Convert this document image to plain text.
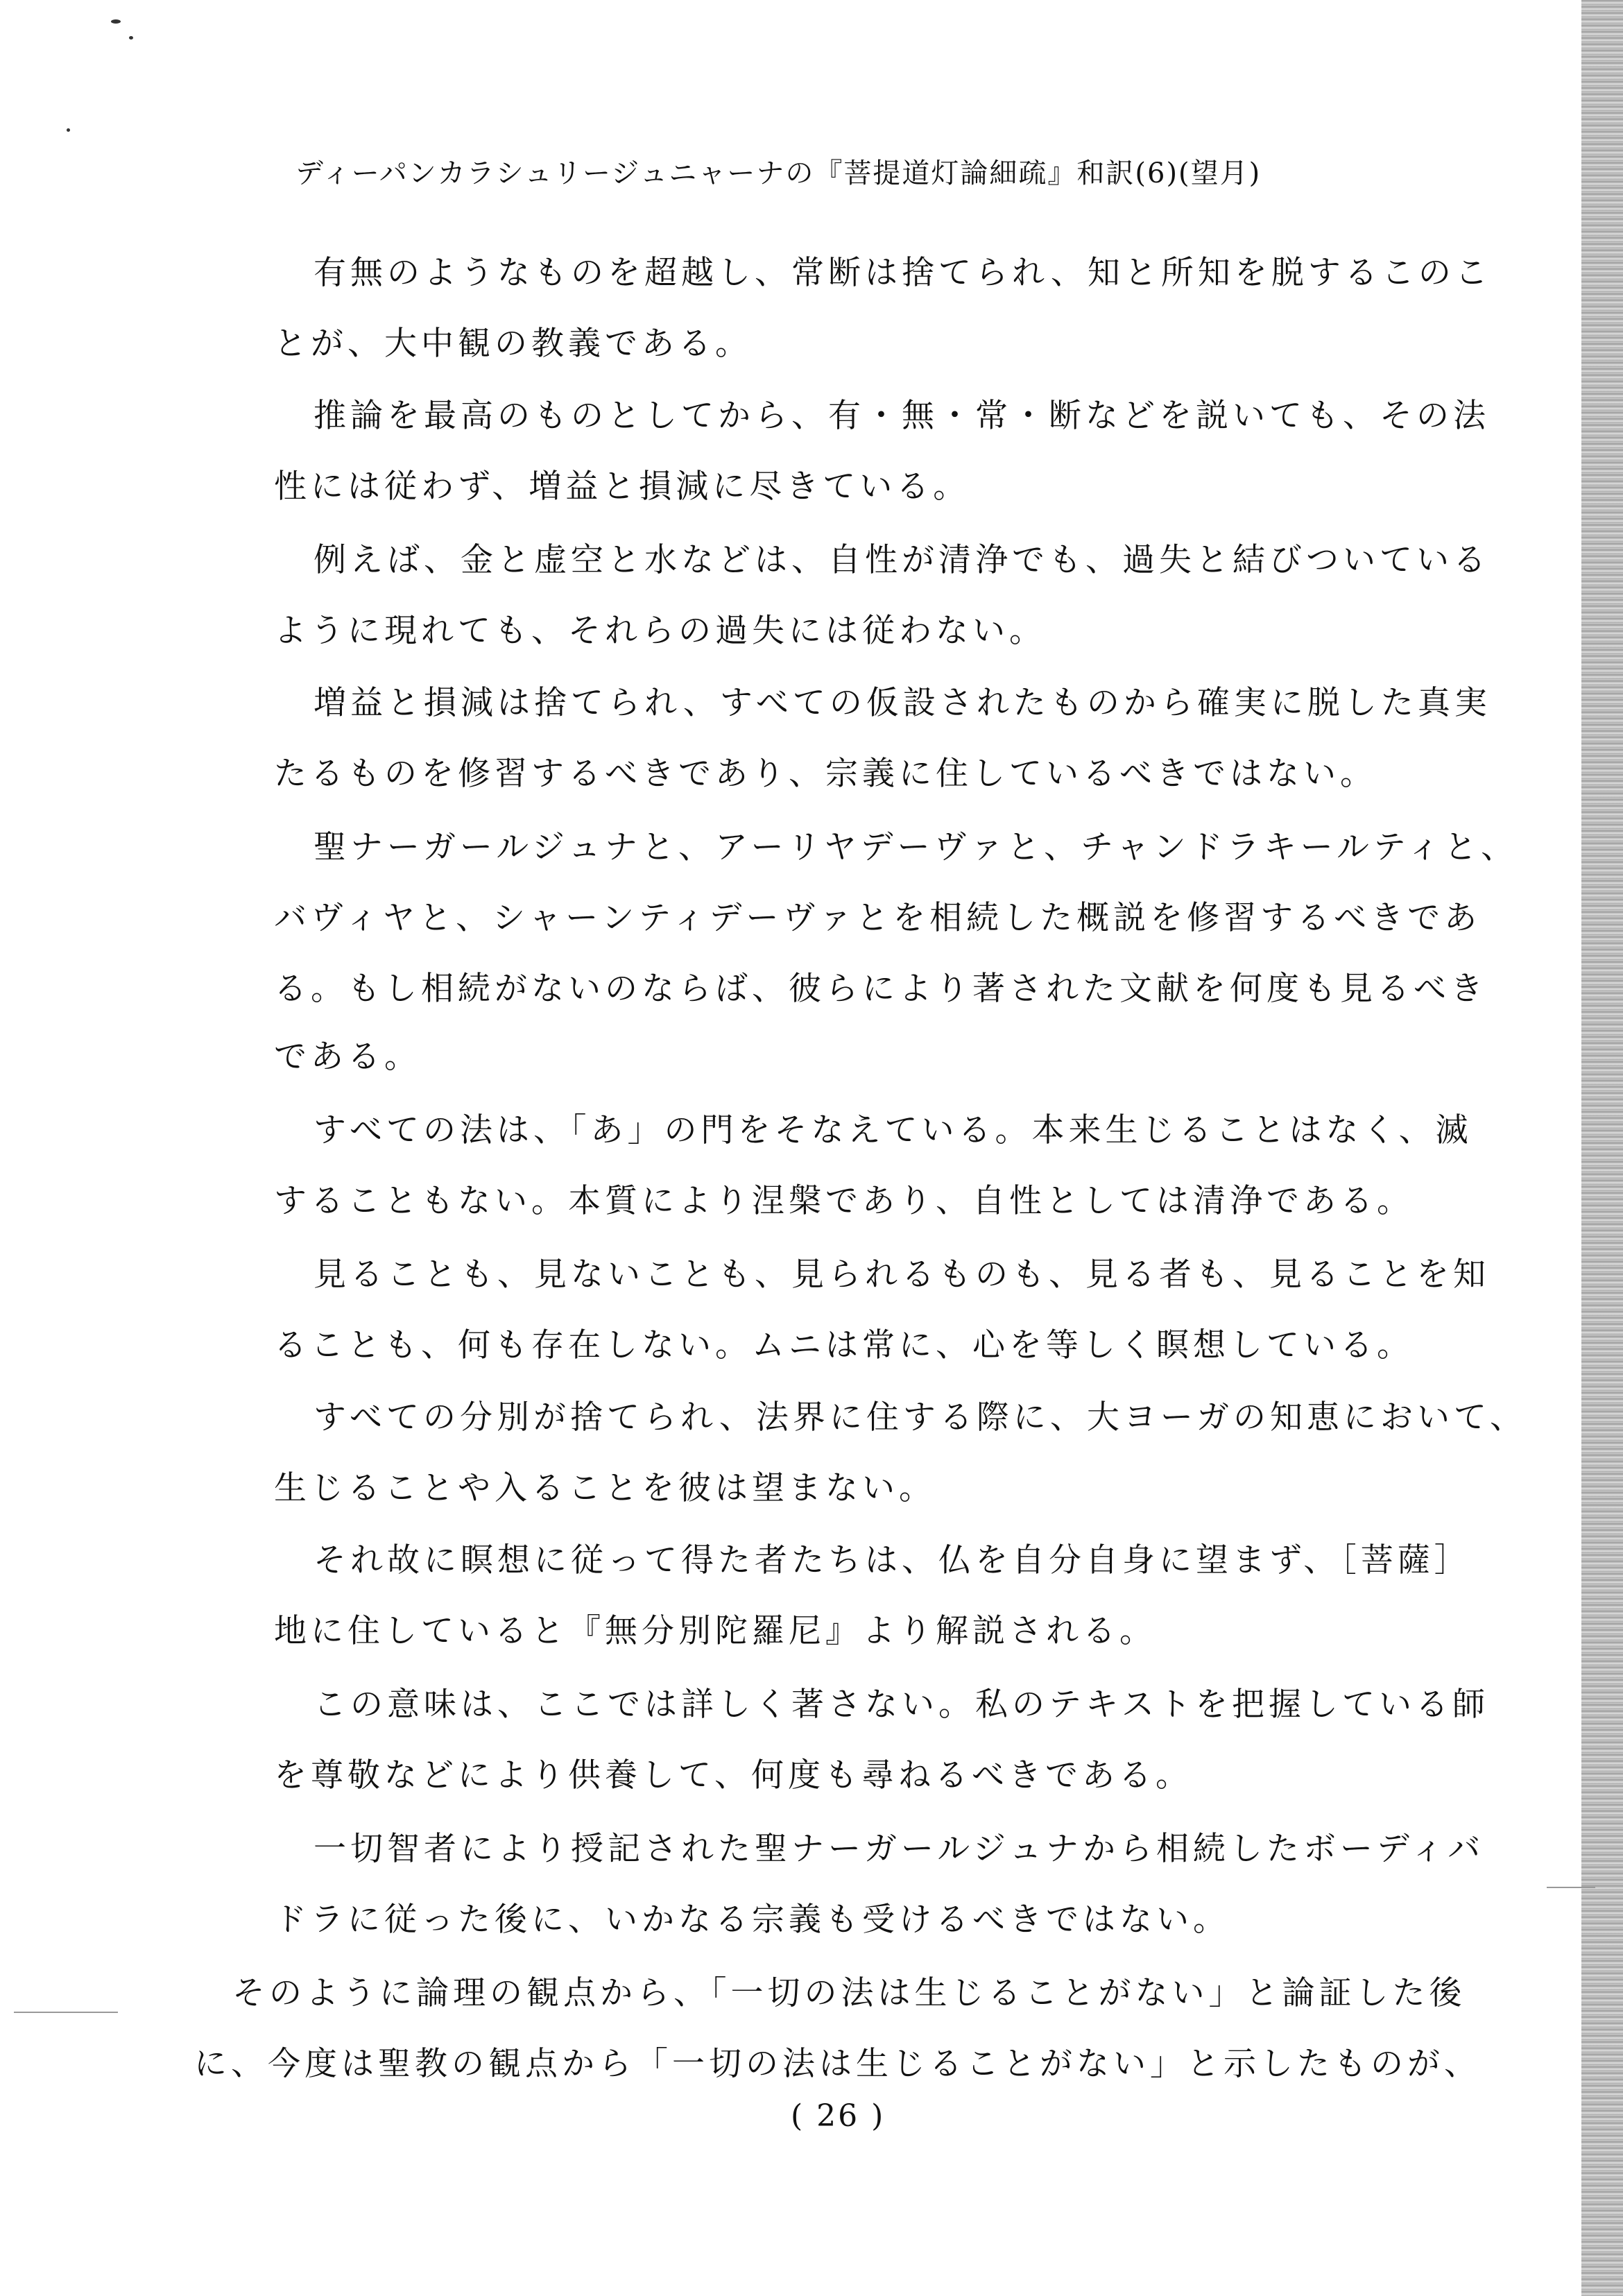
ディーパンカラシュリージュニャーナの『菩提道灯論細疏』和訳(6)(望月)
有無のようなものを超越し、常断は捨てられ、知と所知を脱するこのこ
とが、大中観の教義である。
推論を最高のものとしてから、有・無・常・断などを説いても、その法
性には従わず、増益と損減に尽きている。
例えば、金と虚空と水などは、自性が清浄でも、過失と結びついている
ように現れても、それらの過失には従わない。
増益と損減は捨てられ、すべての仮設されたものから確実に脱した真実
たるものを修習するべきであり、宗義に住しているべきではない。
聖ナーガールジュナと、アーリヤデーヴァと、チャンドラキールティと、
バヴィヤと、シャーンティデーヴァとを相続した概説を修習するべきであ
る。もし相続がないのならば、彼らにより著された文献を何度も見るべき
である。
すべての法は、「あ」の門をそなえている。本来生じることはなく、滅
することもない。本質により涅槃であり、自性としては清浄である。
見ることも、見ないことも、見られるものも、見る者も、見ることを知
ることも、何も存在しない。ムニは常に、心を等しく瞑想している。
すべての分別が捨てられ、法界に住する際に、大ヨーガの知恵において、
生じることや入ることを彼は望まない。
それ故に瞑想に従って得た者たちは、仏を自分自身に望まず、［菩薩］
地に住していると『無分別陀羅尼』より解説される。
この意味は、ここでは詳しく著さない。私のテキストを把握している師
を尊敬などにより供養して、何度も尋ねるべきである。
一切智者により授記された聖ナーガールジュナから相続したボーディバ
ドラに従った後に、いかなる宗義も受けるべきではない。
そのように論理の観点から、「一切の法は生じることがない」と論証した後
に、今度は聖教の観点から「一切の法は生じることがない」と示したものが、
( 26 )
